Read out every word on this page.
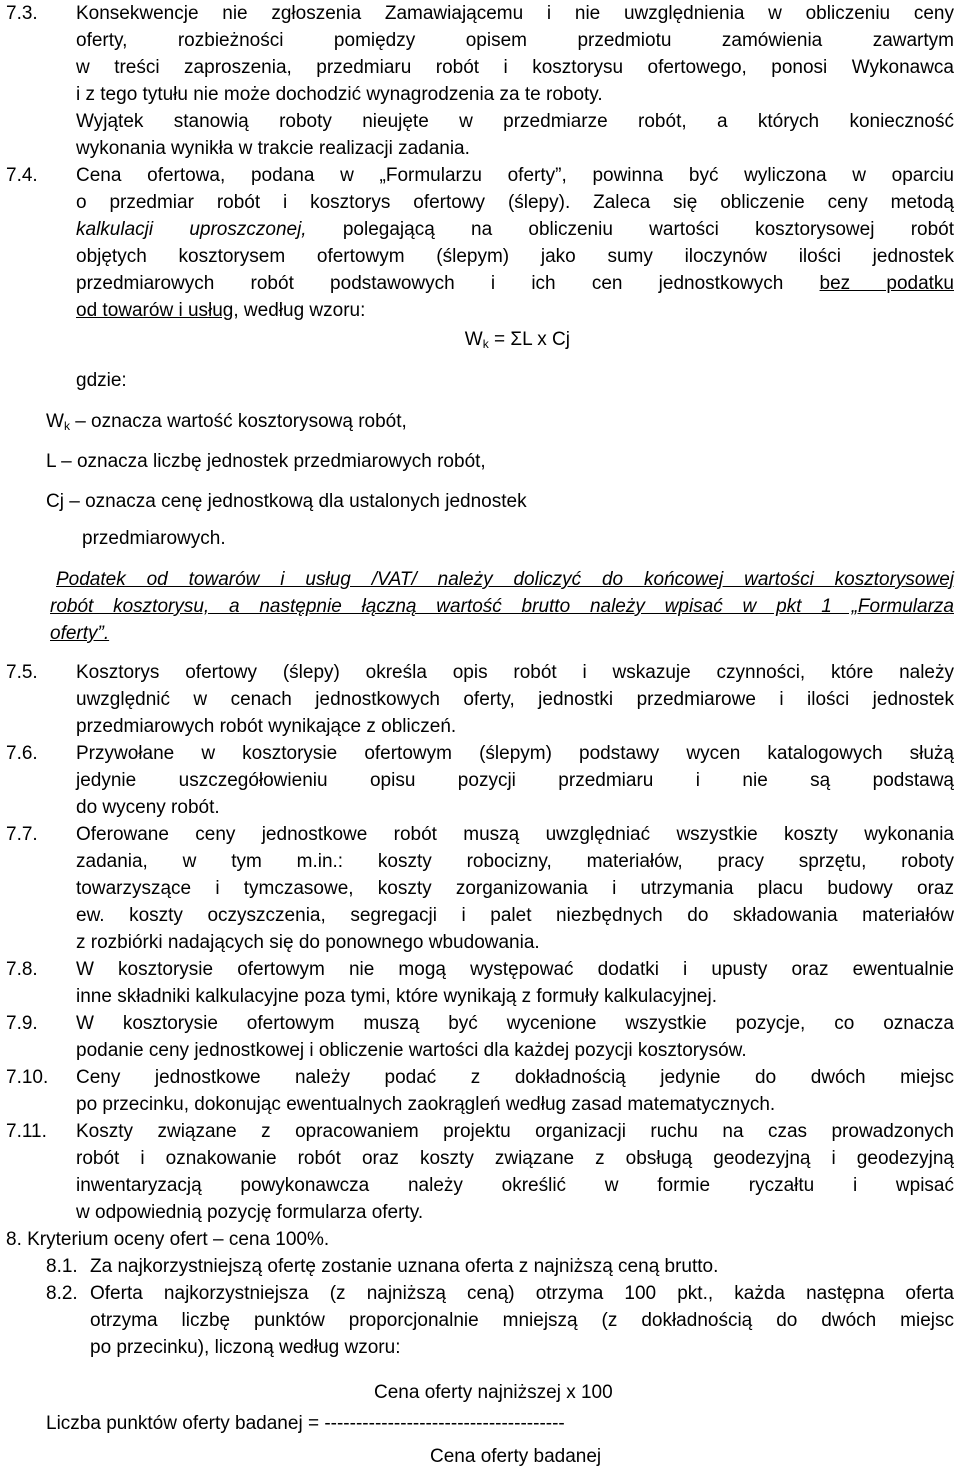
7.3. Konsekwencje nie zgłoszenia Zamawiającemu i nie uwzględnienia w obliczeniu ceny
oferty, rozbieżności pomiędzy opisem przedmiotu zamówienia zawartym
w treści zaproszenia, przedmiaru robót i kosztorysu ofertowego, ponosi Wykonawca
i z tego tytułu nie może dochodzić wynagrodzenia za te roboty.
Wyjątek stanowią roboty nieujęte w przedmiarze robót, a których konieczność
wykonania wynikła w trakcie realizacji zadania.
7.4. Cena ofertowa, podana w „Formularzu oferty”, powinna być wyliczona w oparciu
o przedmiar robót i kosztorys ofertowy (ślepy). Zaleca się obliczenie ceny metodą
kalkulacji uproszczonej, polegającą na obliczeniu wartości kosztorysowej robót
objętych kosztorysem ofertowym (ślepym) jako sumy iloczynów ilości jednostek
przedmiarowych robót podstawowych i ich cen jednostkowych bez podatku
od towarów i usług, według wzoru:
$W_k = \Sigma L$ x Cj
gdzie:
$W_k$ – oznacza wartość kosztorysową robót,
L – oznacza liczbę jednostek przedmiarowych robót,
Cj – oznacza cenę jednostkową dla ustalonych jednostek
przedmiarowych.
Podatek od towarów i usług /VAT/ należy doliczyć do końcowej wartości kosztorysowej
robót kosztorysu, a następnie łączną wartość brutto należy wpisać w pkt 1 „Formularza
oferty”.
7.5. Kosztorys ofertowy (ślepy) określa opis robót i wskazuje czynności, które należy
uwzględnić w cenach jednostkowych oferty, jednostki przedmiarowe i ilości jednostek
przedmiarowych robót wynikające z obliczeń.
7.6. Przywołane w kosztorysie ofertowym (ślepym) podstawy wycen katalogowych służą
jedynie uszczegółowieniu opisu pozycji przedmiaru i nie są podstawą
do wyceny robót.
7.7. Oferowane ceny jednostkowe robót muszą uwzględniać wszystkie koszty wykonania
zadania, w tym m.in.: koszty robocizny, materiałów, pracy sprzętu, roboty
towarzyszące i tymczasowe, koszty zorganizowania i utrzymania placu budowy oraz
ew. koszty oczyszczenia, segregacji i palet niezbędnych do składowania materiałów
z rozbiórki nadających się do ponownego wbudowania.
7.8. W kosztorysie ofertowym nie mogą występować dodatki i upusty oraz ewentualnie
inne składniki kalkulacyjne poza tymi, które wynikają z formuły kalkulacyjnej.
7.9. W kosztorysie ofertowym muszą być wycenione wszystkie pozycje, co oznacza
podanie ceny jednostkowej i obliczenie wartości dla każdej pozycji kosztorysów.
7.10. Ceny jednostkowe należy podać z dokładnością jedynie do dwóch miejsc
po przecinku, dokonując ewentualnych zaokrągleń według zasad matematycznych.
7.11. Koszty związane z opracowaniem projektu organizacji ruchu na czas prowadzonych
robót i oznakowanie robót oraz koszty związane z obsługą geodezyjną i geodezyjną
inwentaryzacją powykonawcza należy określić w formie ryczałtu i wpisać
w odpowiednią pozycję formularza oferty.
8. Kryterium oceny ofert – cena 100%.
8.1. Za najkorzystniejszą ofertę zostanie uznana oferta z najniższą ceną brutto.
8.2. Oferta najkorzystniejsza (z najniższą ceną) otrzyma 100 pkt., każda następna oferta
otrzyma liczbę punktów proporcjonalnie mniejszą (z dokładnością do dwóch miejsc
po przecinku), liczoną według wzoru:
Cena oferty najniższej x 100
Liczba punktów oferty badanej = --------------------------------------
Cena oferty badanej
